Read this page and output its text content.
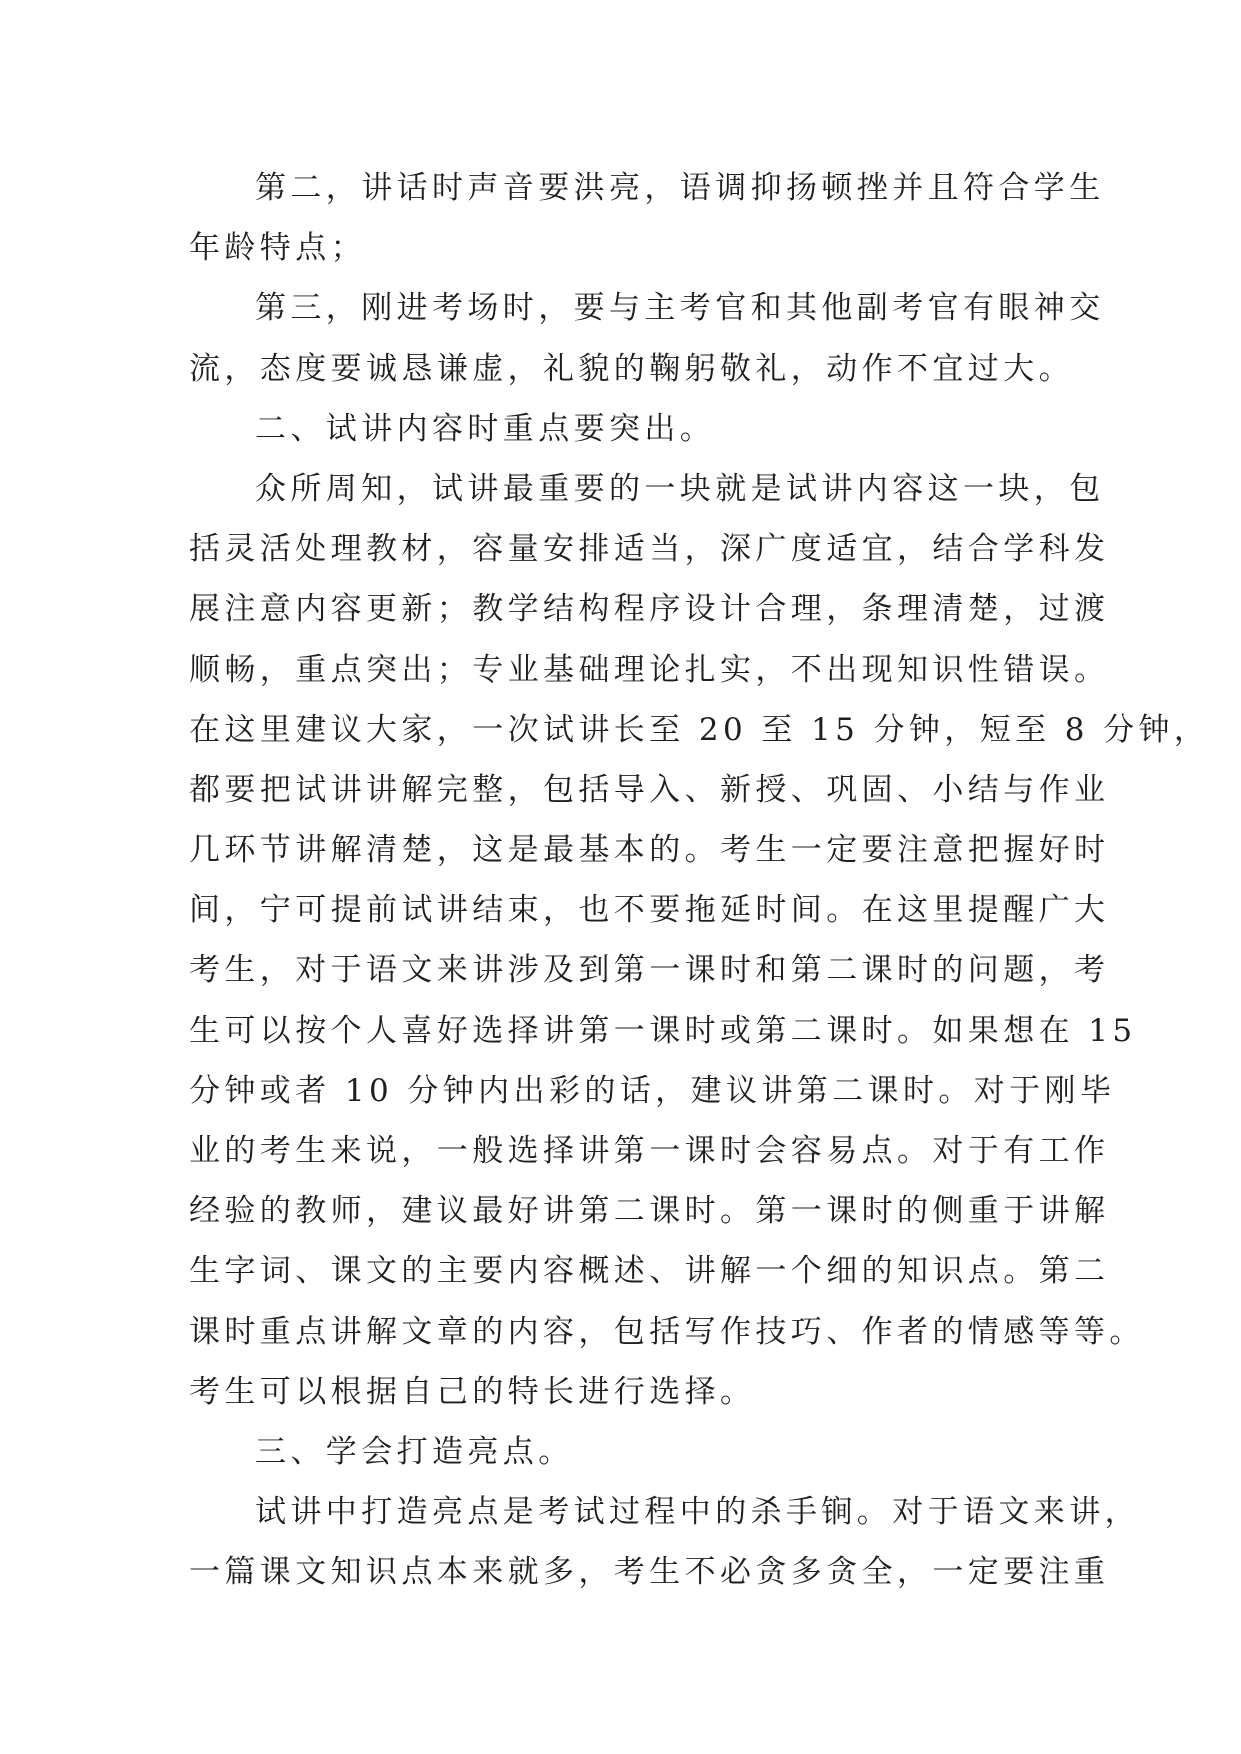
第二，讲话时声音要洪亮，语调抑扬顿挫并且符合学生
年龄特点；
第三，刚进考场时，要与主考官和其他副考官有眼神交
流，态度要诚恳谦虚，礼貌的鞠躬敬礼，动作不宜过大。
二、试讲内容时重点要突出。
众所周知，试讲最重要的一块就是试讲内容这一块，包
括灵活处理教材，容量安排适当，深广度适宜，结合学科发
展注意内容更新；教学结构程序设计合理，条理清楚，过渡
顺畅，重点突出；专业基础理论扎实，不出现知识性错误。
在这里建议大家，一次试讲长至 20 至 15 分钟，短至 8 分钟，
都要把试讲讲解完整，包括导入、新授、巩固、小结与作业
几环节讲解清楚，这是最基本的。考生一定要注意把握好时
间，宁可提前试讲结束，也不要拖延时间。在这里提醒广大
考生，对于语文来讲涉及到第一课时和第二课时的问题，考
生可以按个人喜好选择讲第一课时或第二课时。如果想在 15
分钟或者 10 分钟内出彩的话，建议讲第二课时。对于刚毕
业的考生来说，一般选择讲第一课时会容易点。对于有工作
经验的教师，建议最好讲第二课时。第一课时的侧重于讲解
生字词、课文的主要内容概述、讲解一个细的知识点。第二
课时重点讲解文章的内容，包括写作技巧、作者的情感等等。
考生可以根据自己的特长进行选择。
三、学会打造亮点。
试讲中打造亮点是考试过程中的杀手锏。对于语文来讲，
一篇课文知识点本来就多，考生不必贪多贪全，一定要注重
